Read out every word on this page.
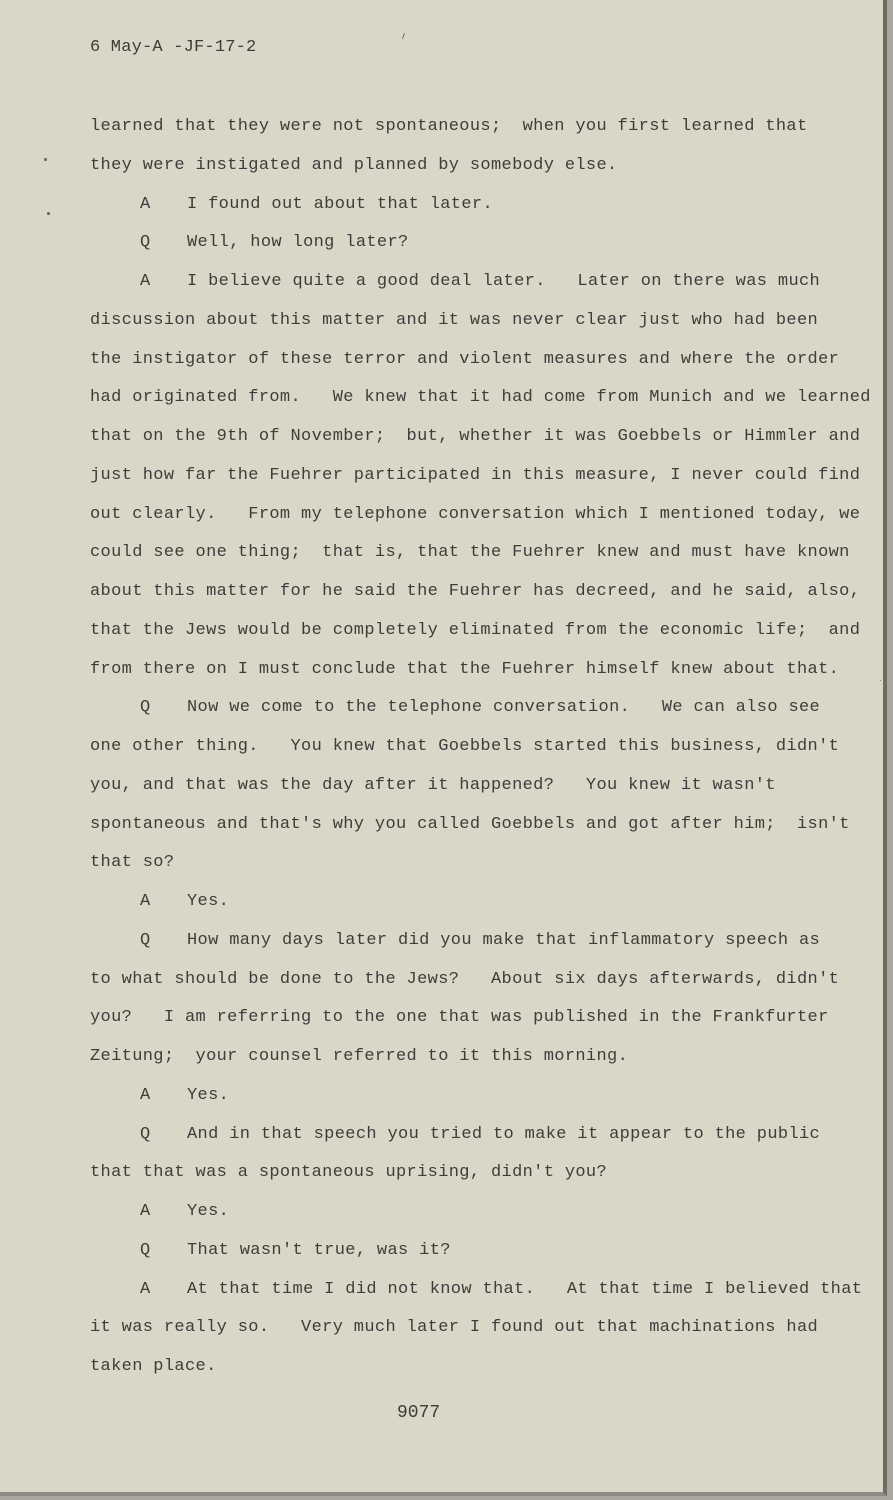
6 May-A -JF-17-2
learned that they were not spontaneous;  when you first learned that
they were instigated and planned by somebody else.
A I found out about that later.
Q Well, how long later?
A I believe quite a good deal later.   Later on there was much
discussion about this matter and it was never clear just who had been
the instigator of these terror and violent measures and where the order
had originated from.   We knew that it had come from Munich and we learned
that on the 9th of November;  but, whether it was Goebbels or Himmler and
just how far the Fuehrer participated in this measure, I never could find
out clearly.   From my telephone conversation which I mentioned today, we
could see one thing;  that is, that the Fuehrer knew and must have known
about this matter for he said the Fuehrer has decreed, and he said, also,
that the Jews would be completely eliminated from the economic life;  and
from there on I must conclude that the Fuehrer himself knew about that.
Q Now we come to the telephone conversation.   We can also see
one other thing.   You knew that Goebbels started this business, didn't
you, and that was the day after it happened?   You knew it wasn't
spontaneous and that's why you called Goebbels and got after him;  isn't
that so?
A Yes.
Q How many days later did you make that inflammatory speech as
to what should be done to the Jews?   About six days afterwards, didn't
you?   I am referring to the one that was published in the Frankfurter
Zeitung;  your counsel referred to it this morning.
A Yes.
Q And in that speech you tried to make it appear to the public
that that was a spontaneous uprising, didn't you?
A Yes.
Q That wasn't true, was it?
A At that time I did not know that.   At that time I believed that
it was really so.   Very much later I found out that machinations had
taken place.
9077
